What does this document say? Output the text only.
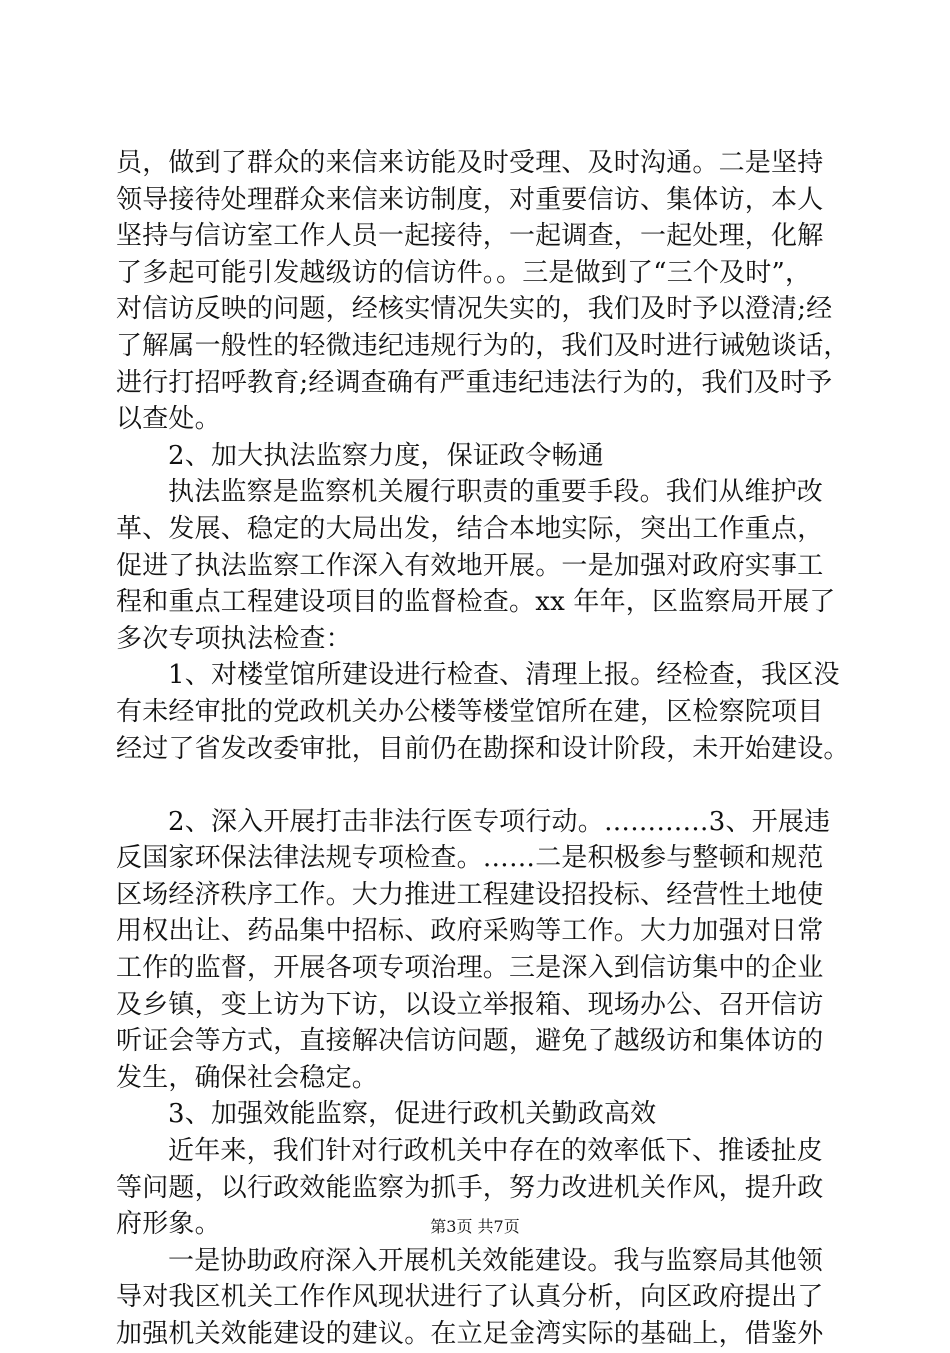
员，做到了群众的来信来访能及时受理、及时沟通。二是坚持
领导接待处理群众来信来访制度，对重要信访、集体访，本人
坚持与信访室工作人员一起接待，一起调查，一起处理，化解
了多起可能引发越级访的信访件。。三是做到了“三个及时”，
对信访反映的问题，经核实情况失实的，我们及时予以澄清;经
了解属一般性的轻微违纪违规行为的，我们及时进行诫勉谈话，
进行打招呼教育;经调查确有严重违纪违法行为的，我们及时予
以查处。
2、加大执法监察力度，保证政令畅通
执法监察是监察机关履行职责的重要手段。我们从维护改
革、发展、稳定的大局出发，结合本地实际，突出工作重点，
促进了执法监察工作深入有效地开展。一是加强对政府实事工
程和重点工程建设项目的监督检查。xx 年年，区监察局开展了
多次专项执法检查：
1、对楼堂馆所建设进行检查、清理上报。经检查，我区没
有未经审批的党政机关办公楼等楼堂馆所在建，区检察院项目
经过了省发改委审批，目前仍在勘探和设计阶段，未开始建设。
2、深入开展打击非法行医专项行动。…………3、开展违
反国家环保法律法规专项检查。……二是积极参与整顿和规范
区场经济秩序工作。大力推进工程建设招投标、经营性土地使
用权出让、药品集中招标、政府采购等工作。大力加强对日常
工作的监督，开展各项专项治理。三是深入到信访集中的企业
及乡镇，变上访为下访，以设立举报箱、现场办公、召开信访
听证会等方式，直接解决信访问题，避免了越级访和集体访的
发生，确保社会稳定。
3、加强效能监察，促进行政机关勤政高效
近年来，我们针对行政机关中存在的效率低下、推诿扯皮
等问题，以行政效能监察为抓手，努力改进机关作风，提升政
府形象。
一是协助政府深入开展机关效能建设。我与监察局其他领
导对我区机关工作作风现状进行了认真分析，向区政府提出了
加强机关效能建设的建议。在立足金湾实际的基础上，借鉴外
第3页 共7页
